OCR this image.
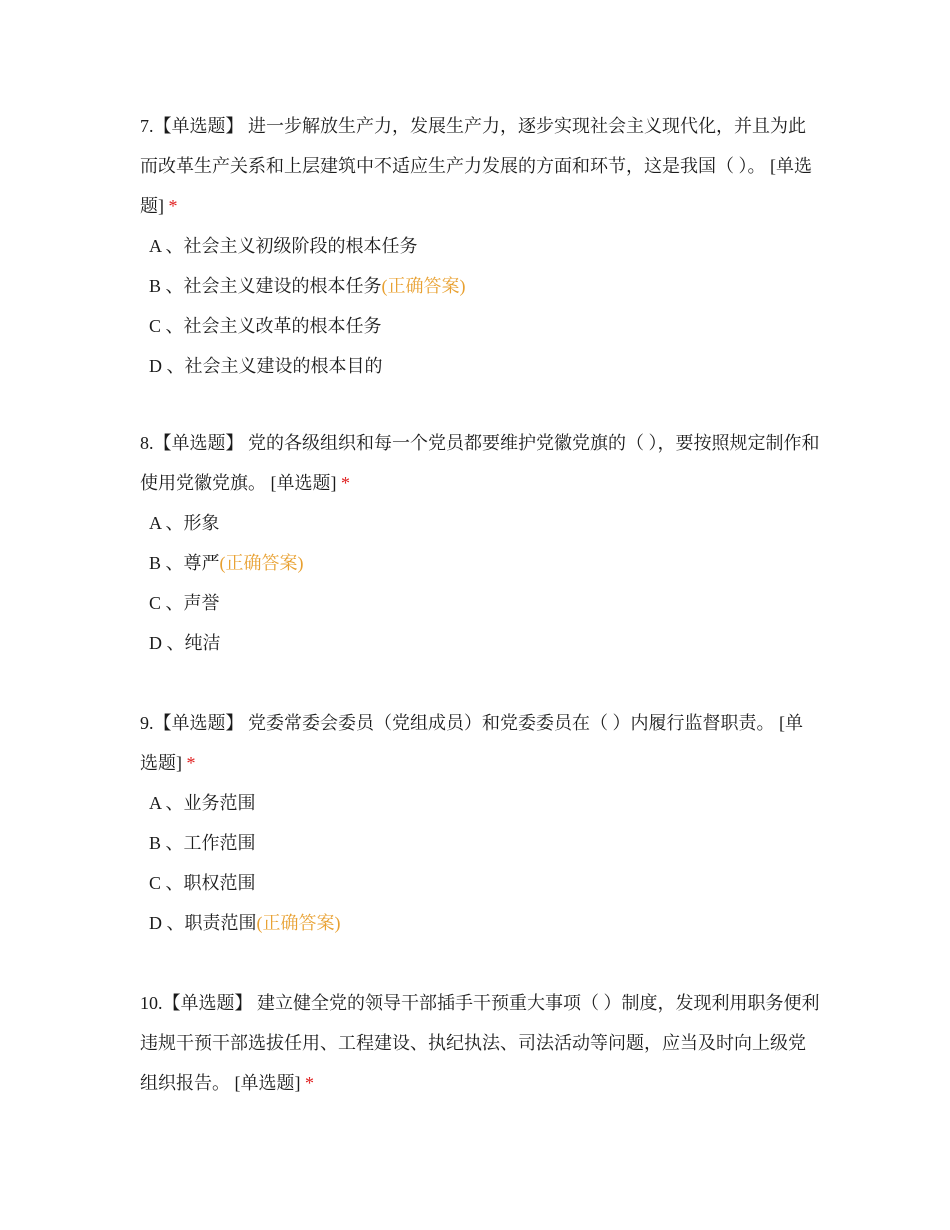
7.【单选题】 进一步解放生产力，发展生产力，逐步实现社会主义现代化，并且为此而改革生产关系和上层建筑中不适应生产力发展的方面和环节，这是我国（ ）。 [单选题] *

A 、社会主义初级阶段的根本任务
B 、社会主义建设的根本任务(正确答案)
C 、社会主义改革的根本任务
D 、社会主义建设的根本目的

8.【单选题】 党的各级组织和每一个党员都要维护党徽党旗的（ ），要按照规定制作和使用党徽党旗。 [单选题] *

A 、形象
B 、尊严(正确答案)
C 、声誉
D 、纯洁

9.【单选题】 党委常委会委员（党组成员）和党委委员在（ ）内履行监督职责。 [单选题] *

A 、业务范围
B 、工作范围
C 、职权范围
D 、职责范围(正确答案)

10.【单选题】 建立健全党的领导干部插手干预重大事项（ ）制度，发现利用职务便利违规干预干部选拔任用、工程建设、执纪执法、司法活动等问题，应当及时向上级党组织报告。 [单选题] *
